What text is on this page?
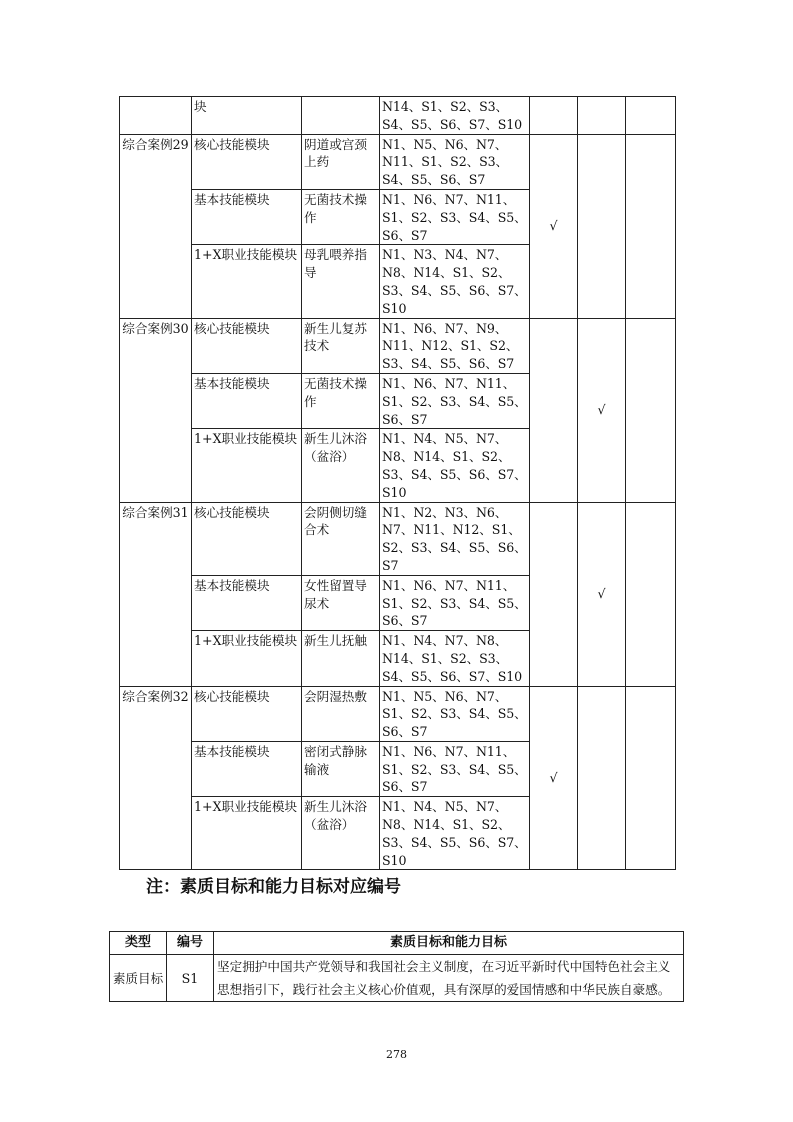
	块		N14、S1、S2、S3、S4、S5、S6、S7、S10			
综合案例29	核心技能模块	阴道或宫颈上药	N1、N5、N6、N7、N11、S1、S2、S3、S4、S5、S6、S7	√		
	基本技能模块	无菌技术操作	N1、N6、N7、N11、S1、S2、S3、S4、S5、S6、S7			
	1+X职业技能模块	母乳喂养指导	N1、N3、N4、N7、N8、N14、S1、S2、S3、S4、S5、S6、S7、S10			
综合案例30	核心技能模块	新生儿复苏技术	N1、N6、N7、N9、N11、N12、S1、S2、S3、S4、S5、S6、S7		√	
	基本技能模块	无菌技术操作	N1、N6、N7、N11、S1、S2、S3、S4、S5、S6、S7			
	1+X职业技能模块	新生儿沐浴（盆浴）	N1、N4、N5、N7、N8、N14、S1、S2、S3、S4、S5、S6、S7、S10			
综合案例31	核心技能模块	会阴侧切缝合术	N1、N2、N3、N6、N7、N11、N12、S1、S2、S3、S4、S5、S6、S7		√	
	基本技能模块	女性留置导尿术	N1、N6、N7、N11、S1、S2、S3、S4、S5、S6、S7			
	1+X职业技能模块	新生儿抚触	N1、N4、N7、N8、N14、S1、S2、S3、S4、S5、S6、S7、S10			
综合案例32	核心技能模块	会阴湿热敷	N1、N5、N6、N7、S1、S2、S3、S4、S5、S6、S7	√		
	基本技能模块	密闭式静脉输液	N1、N6、N7、N11、S1、S2、S3、S4、S5、S6、S7			
	1+X职业技能模块	新生儿沐浴（盆浴）	N1、N4、N5、N7、N8、N14、S1、S2、S3、S4、S5、S6、S7、S10			
注：素质目标和能力目标对应编号
类型	编号	素质目标和能力目标
素质目标	S1	坚定拥护中国共产党领导和我国社会主义制度，在习近平新时代中国特色社会主义思想指引下，践行社会主义核心价值观，具有深厚的爱国情感和中华民族自豪感。
278
